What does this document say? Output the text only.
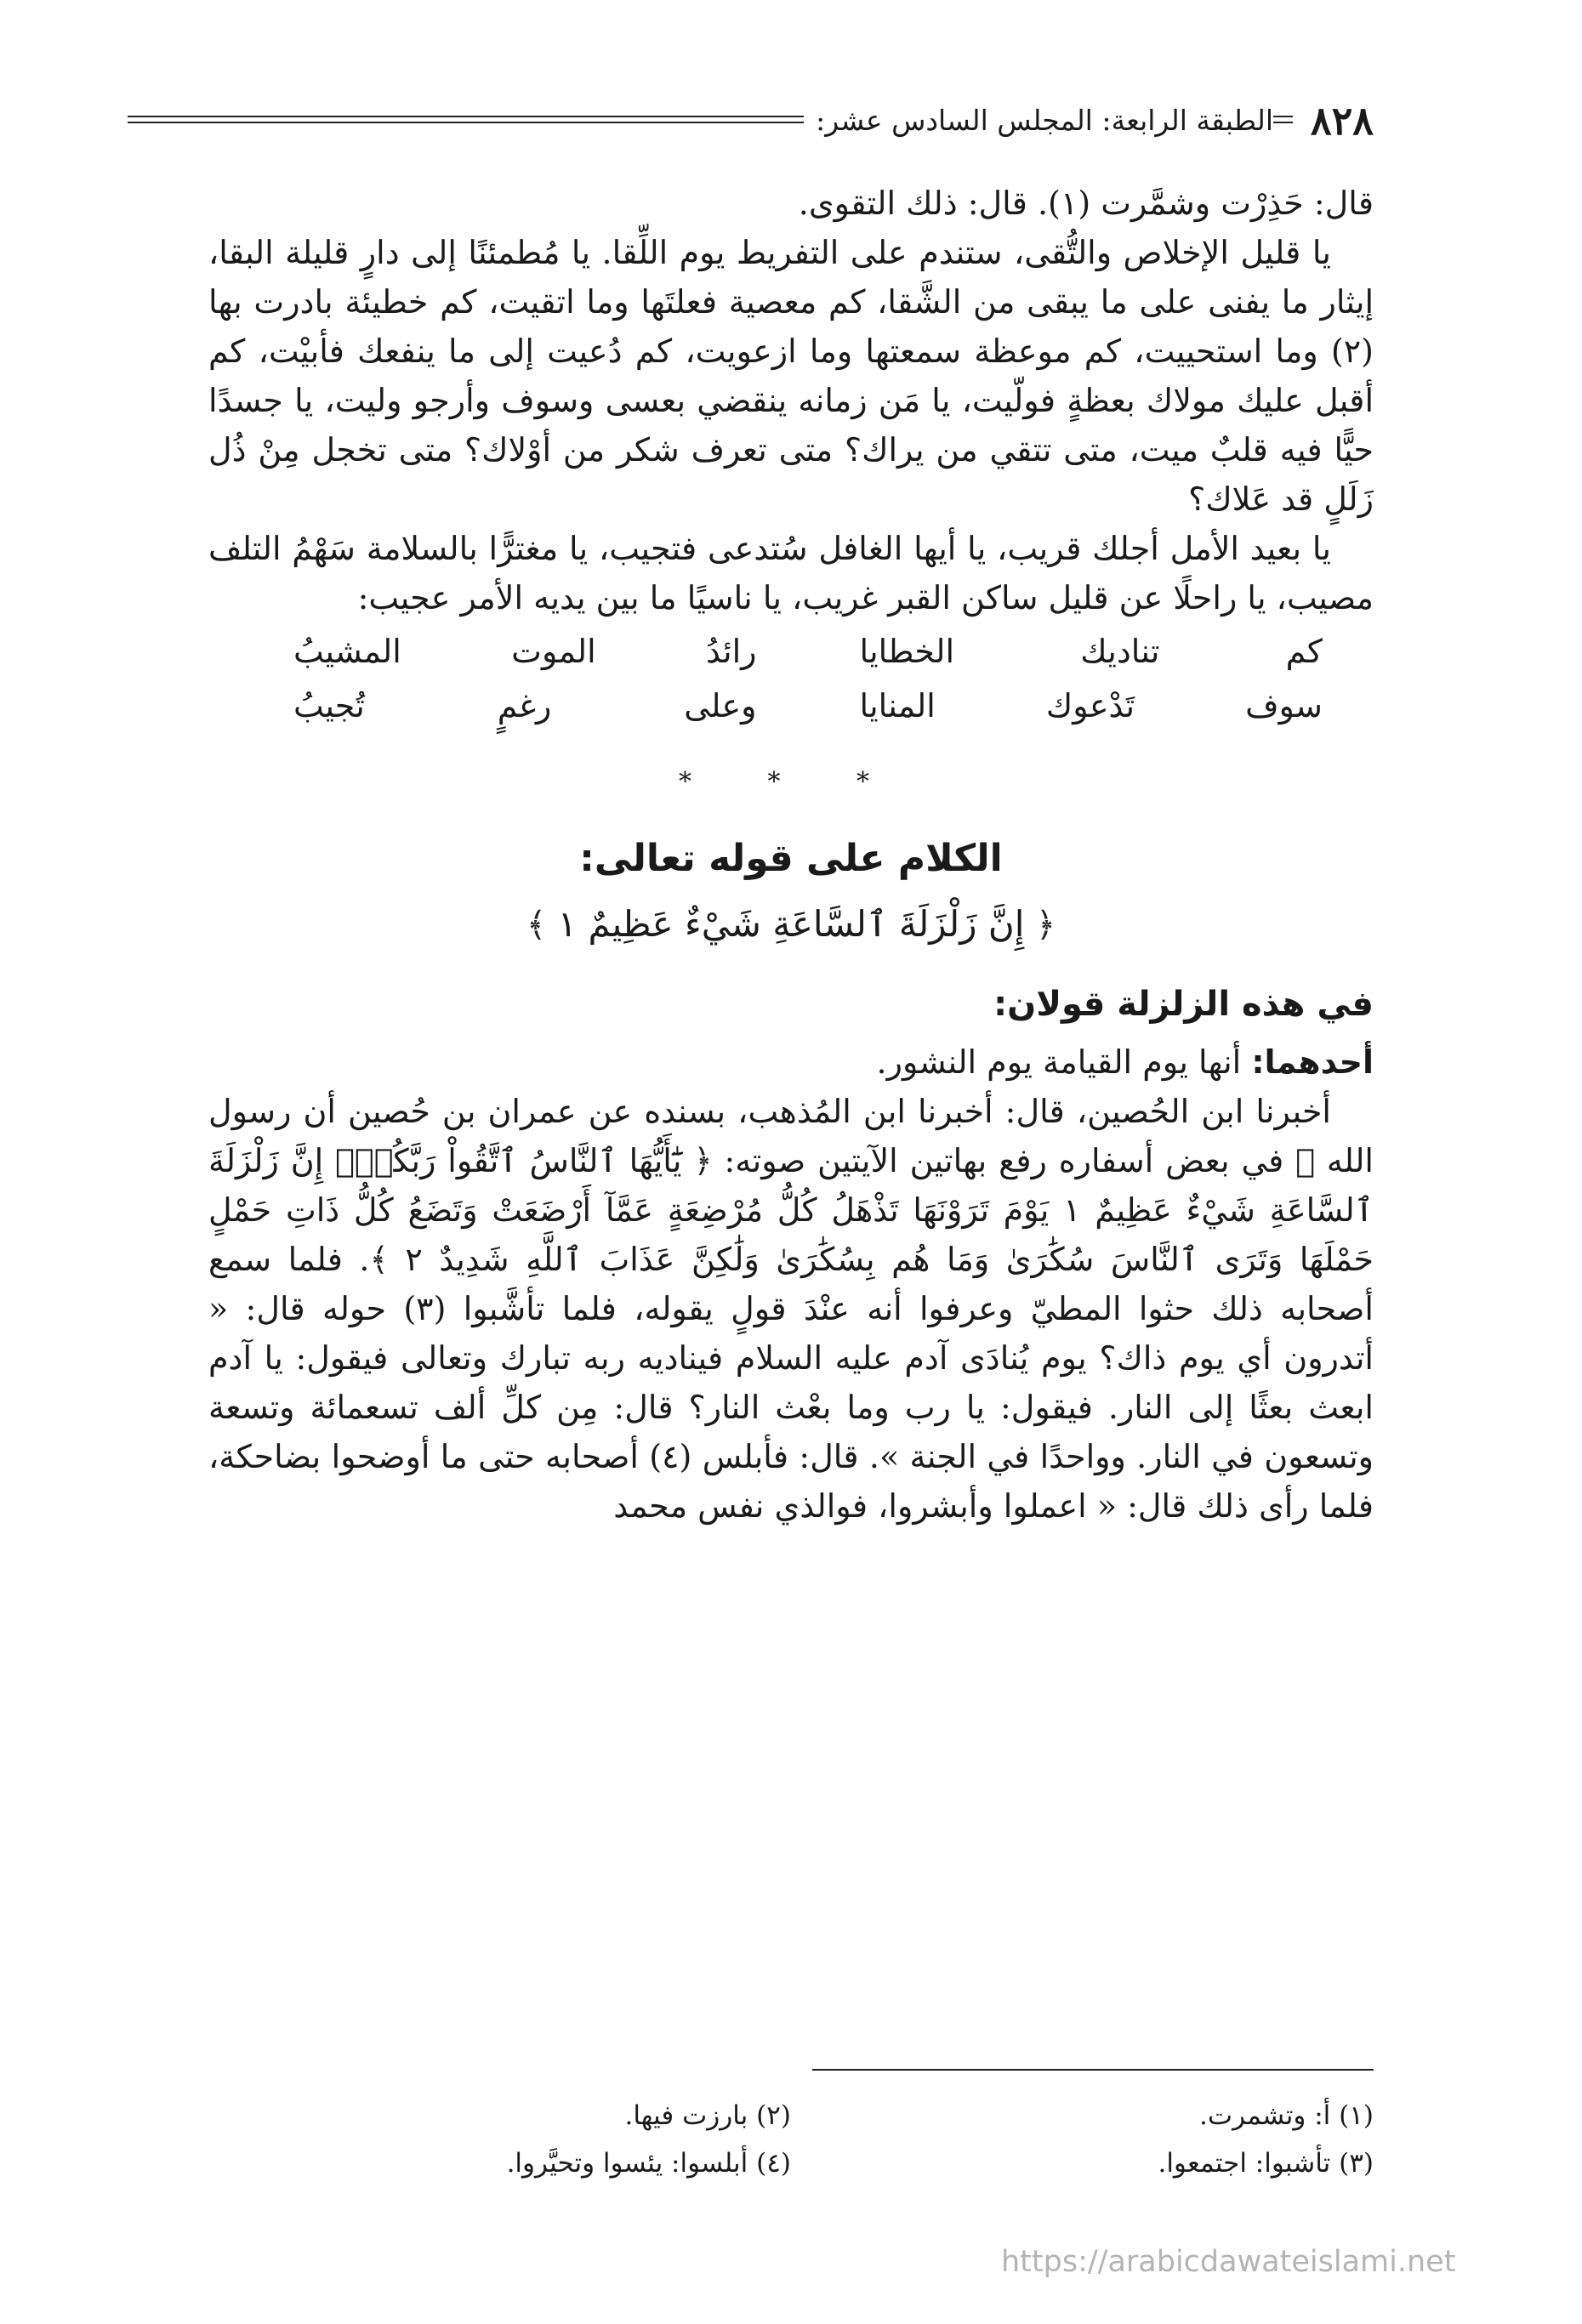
٨٢٨
الطبقة الرابعة: المجلس السادس عشر:

قال: حَذِرْت وشمَّرت (١). قال: ذلك التقوى.

يا قليل الإخلاص والتُّقى، ستندم على التفريط يوم اللِّقا. يا مُطمئنًا إلى دارٍ قليلة البقا، إيثار ما يفنى على ما يبقى من الشَّقا، كم معصية فعلتَها وما اتقيت، كم خطيئة بادرت بها (٢) وما استحييت، كم موعظة سمعتها وما ازعويت، كم دُعيت إلى ما ينفعك فأبيْت، كم أقبل عليك مولاك بعظةٍ فولّيت، يا مَن زمانه ينقضي بعسى وسوف وأرجو وليت، يا جسدًا حيًّا فيه قلبٌ ميت، متى تتقي من يراك؟ متى تعرف شكر من أوْلاك؟ متى تخجل مِنْ ذُل زَلَلٍ قد عَلاك؟

يا بعيد الأمل أجلك قريب، يا أيها الغافل سُتدعى فتجيب، يا مغترًّا بالسلامة سَهْمُ التلف مصيب، يا راحلًا عن قليل ساكن القبر غريب، يا ناسيًا ما بين يديه الأمر عجيب:

كم تناديك الخطايا
رائدُ الموت المشيبُ
سوف تَدْعوك المنايا
وعلى رغمٍ تُجيبُ
* * *
الكلام على قوله تعالى:
﴿ إِنَّ زَلْزَلَةَ ٱلسَّاعَةِ شَيْءٌ عَظِيمٌ ١ ﴾
في هذه الزلزلة قولان:

أحدهما: أنها يوم القيامة يوم النشور.

أخبرنا ابن الحُصين، قال: أخبرنا ابن المُذهب، بسنده عن عمران بن حُصين أن رسول الله ﷺ في بعض أسفاره رفع بهاتين الآيتين صوته: ﴿ يَٰٓأَيُّهَا ٱلنَّاسُ ٱتَّقُواْ رَبَّكُمْۚ إِنَّ زَلْزَلَةَ ٱلسَّاعَةِ شَيْءٌ عَظِيمٌ ١ يَوْمَ تَرَوْنَهَا تَذْهَلُ كُلُّ مُرْضِعَةٍ عَمَّآ أَرْضَعَتْ وَتَضَعُ كُلُّ ذَاتِ حَمْلٍ حَمْلَهَا وَتَرَى ٱلنَّاسَ سُكَٰرَىٰ وَمَا هُم بِسُكَٰرَىٰ وَلَٰكِنَّ عَذَابَ ٱللَّهِ شَدِيدٌ ٢ ﴾. فلما سمع أصحابه ذلك حثوا المطيّ وعرفوا أنه عنْدَ قولٍ يقوله، فلما تأشَّبوا (٣) حوله قال: « أتدرون أي يوم ذاك؟ يوم يُنادَى آدم عليه السلام فيناديه ربه تبارك وتعالى فيقول: يا آدم ابعث بعثًا إلى النار. فيقول: يا رب وما بعْث النار؟ قال: مِن كلِّ ألف تسعمائة وتسعة وتسعون في النار. وواحدًا في الجنة ». قال: فأبلس (٤) أصحابه حتى ما أوضحوا بضاحكة، فلما رأى ذلك قال: « اعملوا وأبشروا، فوالذي نفس محمد

(١) أ: وتشمرت.
(٢) بارزت فيها.
(٣) تأشبوا: اجتمعوا.
(٤) أبلسوا: يئسوا وتحيَّروا.
https://arabicdawateislami.net
